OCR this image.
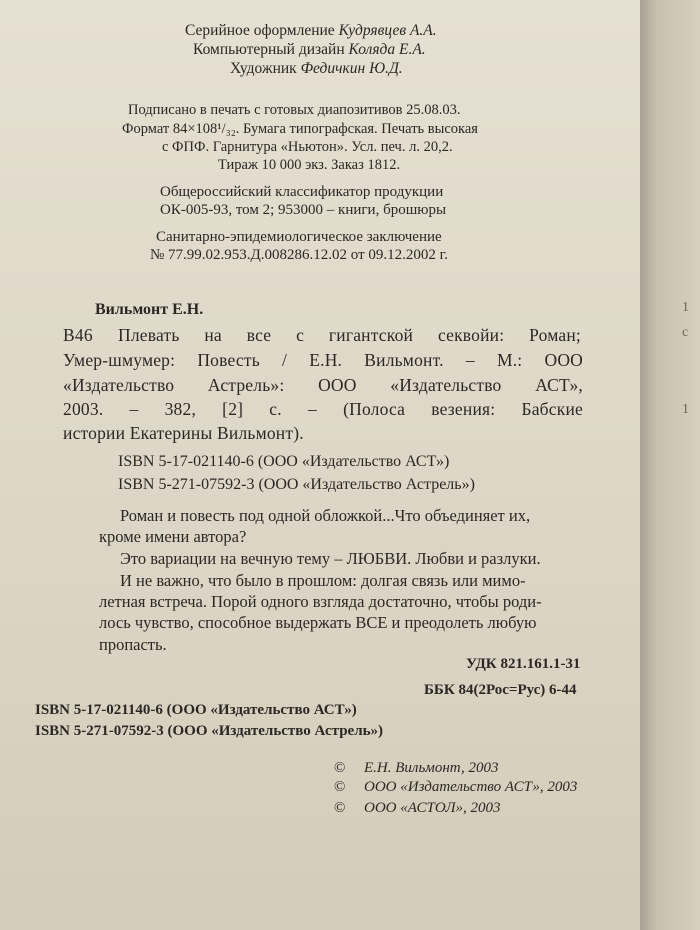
Серийное оформление Кудрявцев А.А.
Компьютерный дизайн Коляда Е.А.
Художник Федичкин Ю.Д.
Подписано в печать с готовых диапозитивов 25.08.03.
Формат 84×108¹/₃₂. Бумага типографская. Печать высокая
с ФПФ. Гарнитура «Ньютон». Усл. печ. л. 20,2.
Тираж 10 000 экз. Заказ 1812.
Общероссийский классификатор продукции
ОК-005-93, том 2; 953000 – книги, брошюры
Санитарно-эпидемиологическое заключение
№ 77.99.02.953.Д.008286.12.02 от 09.12.2002 г.
Вильмонт Е.Н.
В46 Плевать на все с гигантской секвойи: Роман;
Умер-шмумер: Повесть / Е.Н. Вильмонт. – М.: ООО
«Издательство Астрель»: ООО «Издательство АСТ»,
2003. – 382, [2] с. – (Полоса везения: Бабские
истории Екатерины Вильмонт).
ISBN 5-17-021140-6 (ООО «Издательство АСТ»)
ISBN 5-271-07592-3 (ООО «Издательство Астрель»)
Роман и повесть под одной обложкой...Что объединяет их,
кроме имени автора?
Это вариации на вечную тему – ЛЮБВИ. Любви и разлуки.
И не важно, что было в прошлом: долгая связь или мимо-
летная встреча. Порой одного взгляда достаточно, чтобы роди-
лось чувство, способное выдержать ВСЕ и преодолеть любую
пропасть.
УДК 821.161.1-31
ББК 84(2Рос=Рус) 6-44
ISBN 5-17-021140-6 (ООО «Издательство АСТ»)
ISBN 5-271-07592-3 (ООО «Издательство Астрель»)
© Е.Н. Вильмонт, 2003
© ООО «Издательство АСТ», 2003
© ООО «АСТОЛ», 2003
1
c
1
